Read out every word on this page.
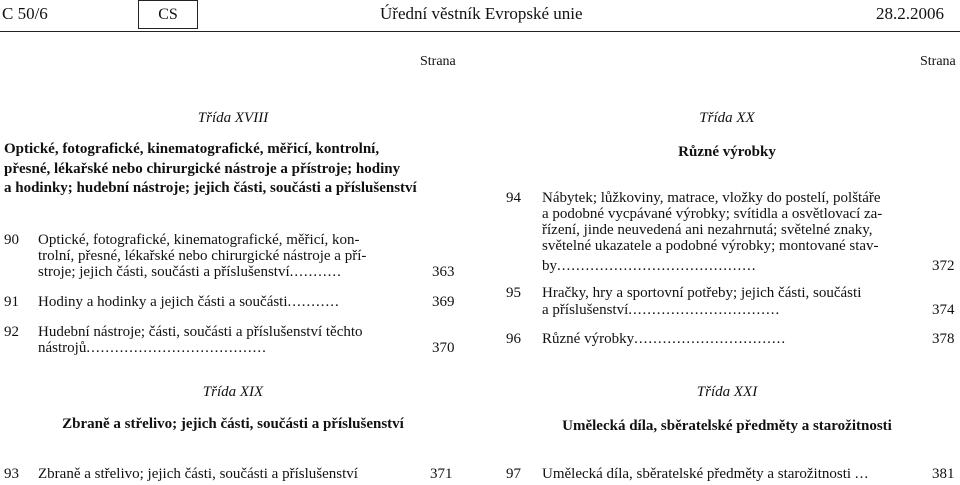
C 50/6	CS	Úřední věstník Evropské unie	28.2.2006
Strana	Strana
Třída XVIII
Optické, fotografické, kinematografické, měřicí, kontrolní,
přesné, lékařské nebo chirurgické nástroje a přístroje; hodiny
a hodinky; hudební nástroje; jejich části, součásti a příslušenství
90 Optické, fotografické, kinematografické, měřicí, kon-
trolní, přesné, lékařské nebo chirurgické nástroje a pří-
stroje; jejich části, součásti a příslušenství...........	363
91 Hodiny a hodinky a jejich části a součásti...........	369
92 Hudební nástroje; části, součásti a příslušenství těchto
nástrojů......................................	370
Třída XX
Různé výrobky
94 Nábytek; lůžkoviny, matrace, vložky do postelí, polštáře
a podobné vycpávané výrobky; svítidla a osvětlovací za-
řízení, jinde neuvedená ani nezahrnutá; světelné znaky,
světelné ukazatele a podobné výrobky; montované stav-
by..........................................	372
95 Hračky, hry a sportovní potřeby; jejich části, součásti
a příslušenství................................	374
96 Různé výrobky................................	378
Třída XIX
Zbraně a střelivo; jejich části, součásti a příslušenství
93 Zbraně a střelivo; jejich části, součásti a příslušenství	371
Třída XXI
Umělecká díla, sběratelské předměty a starožitnosti
97 Umělecká díla, sběratelské předměty a starožitnosti ...	381
